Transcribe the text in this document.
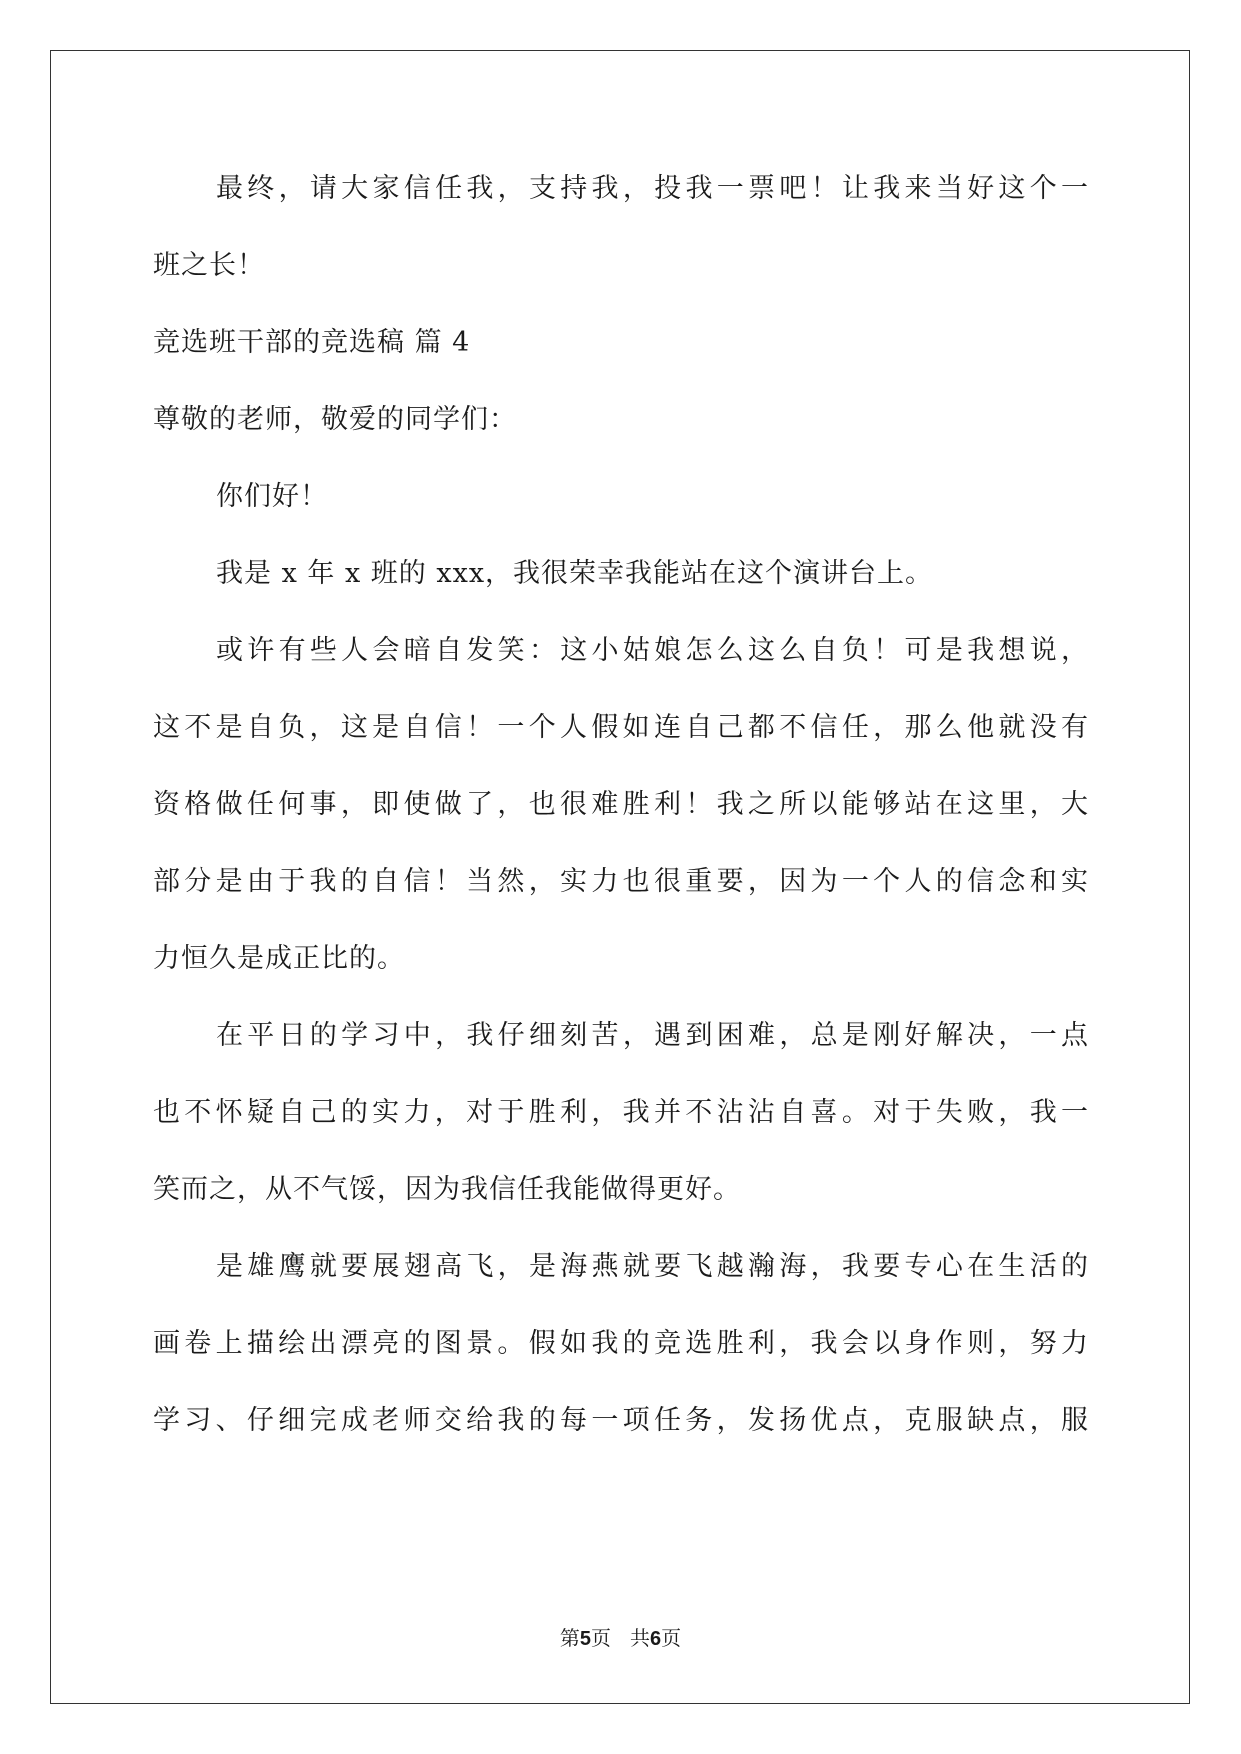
最终，请大家信任我，支持我，投我一票吧！让我来当好这个一
班之长！
竞选班干部的竞选稿 篇 4
尊敬的老师，敬爱的同学们：
你们好！
我是 x 年 x 班的 xxx，我很荣幸我能站在这个演讲台上。
或许有些人会暗自发笑：这小姑娘怎么这么自负！可是我想说，
这不是自负，这是自信！一个人假如连自己都不信任，那么他就没有
资格做任何事，即使做了，也很难胜利！我之所以能够站在这里，大
部分是由于我的自信！当然，实力也很重要，因为一个人的信念和实
力恒久是成正比的。
在平日的学习中，我仔细刻苦，遇到困难，总是刚好解决，一点
也不怀疑自己的实力，对于胜利，我并不沾沾自喜。对于失败，我一
笑而之，从不气馁，因为我信任我能做得更好。
是雄鹰就要展翅高飞，是海燕就要飞越瀚海，我要专心在生活的
画卷上描绘出漂亮的图景。假如我的竞选胜利，我会以身作则，努力
学习、仔细完成老师交给我的每一项任务，发扬优点，克服缺点，服
第5页 共6页
